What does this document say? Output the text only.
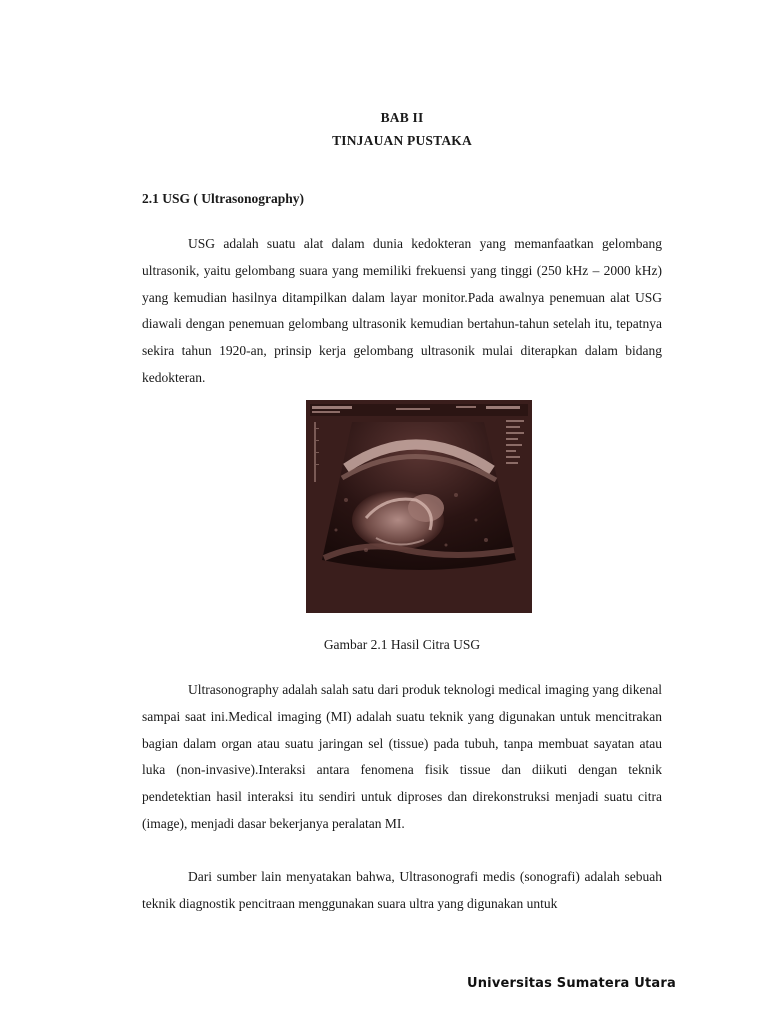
BAB II
TINJAUAN PUSTAKA
2.1 USG ( Ultrasonography)

USG adalah suatu alat dalam dunia kedokteran yang memanfaatkan gelombang ultrasonik, yaitu gelombang suara yang memiliki frekuensi yang tinggi (250 kHz – 2000 kHz) yang kemudian hasilnya ditampilkan dalam layar monitor.Pada awalnya penemuan alat USG diawali dengan penemuan gelombang ultrasonik kemudian bertahun-tahun setelah itu, tepatnya sekira tahun 1920-an, prinsip kerja gelombang ultrasonik mulai diterapkan dalam bidang kedokteran.

Gambar 2.1 Hasil Citra USG

Ultrasonography adalah salah satu dari produk teknologi medical imaging yang dikenal sampai saat ini.Medical imaging (MI) adalah suatu teknik yang digunakan untuk mencitrakan bagian dalam organ atau suatu jaringan sel (tissue) pada tubuh, tanpa membuat sayatan atau luka (non-invasive).Interaksi antara fenomena fisik tissue dan diikuti dengan teknik pendetektian hasil interaksi itu sendiri untuk diproses dan direkonstruksi menjadi suatu citra (image), menjadi dasar bekerjanya peralatan MI.

Dari sumber lain menyatakan bahwa, Ultrasonografi medis (sonografi) adalah sebuah teknik diagnostik pencitraan menggunakan suara ultra yang digunakan untuk

Universitas Sumatera Utara
